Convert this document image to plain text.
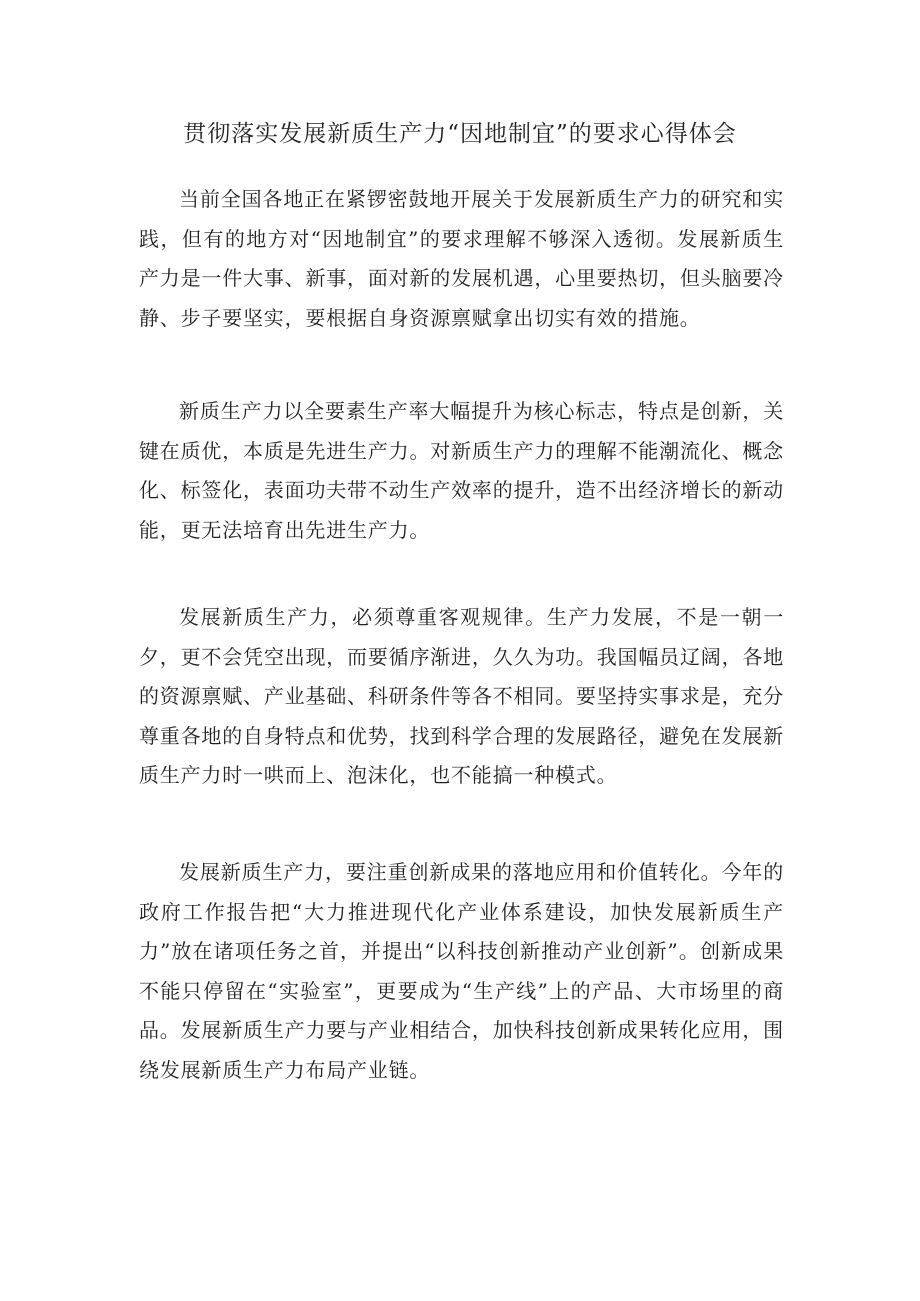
贯彻落实发展新质生产力“因地制宜”的要求心得体会

当前全国各地正在紧锣密鼓地开展关于发展新质生产力的研究和实践，但有的地方对“因地制宜”的要求理解不够深入透彻。发展新质生产力是一件大事、新事，面对新的发展机遇，心里要热切，但头脑要冷静、步子要坚实，要根据自身资源禀赋拿出切实有效的措施。

新质生产力以全要素生产率大幅提升为核心标志，特点是创新，关键在质优，本质是先进生产力。对新质生产力的理解不能潮流化、概念化、标签化，表面功夫带不动生产效率的提升，造不出经济增长的新动能，更无法培育出先进生产力。

发展新质生产力，必须尊重客观规律。生产力发展，不是一朝一夕，更不会凭空出现，而要循序渐进，久久为功。我国幅员辽阔，各地的资源禀赋、产业基础、科研条件等各不相同。要坚持实事求是，充分尊重各地的自身特点和优势，找到科学合理的发展路径，避免在发展新质生产力时一哄而上、泡沫化，也不能搞一种模式。

发展新质生产力，要注重创新成果的落地应用和价值转化。今年的政府工作报告把“大力推进现代化产业体系建设，加快发展新质生产力”放在诸项任务之首，并提出“以科技创新推动产业创新”。创新成果不能只停留在“实验室”，更要成为“生产线”上的产品、大市场里的商品。发展新质生产力要与产业相结合，加快科技创新成果转化应用，围绕发展新质生产力布局产业链。
